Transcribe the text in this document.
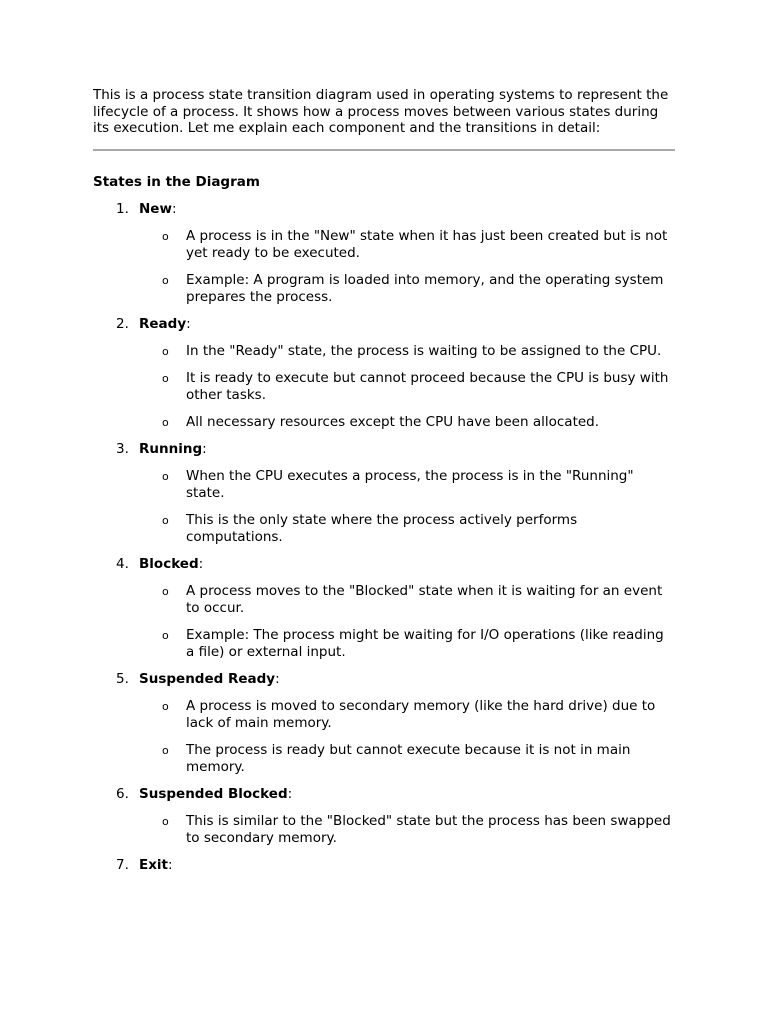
This is a process state transition diagram used in operating systems to represent the lifecycle of a process. It shows how a process moves between various states during its execution. Let me explain each component and the transitions in detail:

States in the Diagram
1. New:
o A process is in the "New" state when it has just been created but is not yet ready to be executed.
o Example: A program is loaded into memory, and the operating system prepares the process.
2. Ready:
o In the "Ready" state, the process is waiting to be assigned to the CPU.
o It is ready to execute but cannot proceed because the CPU is busy with other tasks.
o All necessary resources except the CPU have been allocated.
3. Running:
o When the CPU executes a process, the process is in the "Running" state.
o This is the only state where the process actively performs computations.
4. Blocked:
o A process moves to the "Blocked" state when it is waiting for an event to occur.
o Example: The process might be waiting for I/O operations (like reading a file) or external input.
5. Suspended Ready:
o A process is moved to secondary memory (like the hard drive) due to lack of main memory.
o The process is ready but cannot execute because it is not in main memory.
6. Suspended Blocked:
o This is similar to the "Blocked" state but the process has been swapped to secondary memory.
7. Exit:
